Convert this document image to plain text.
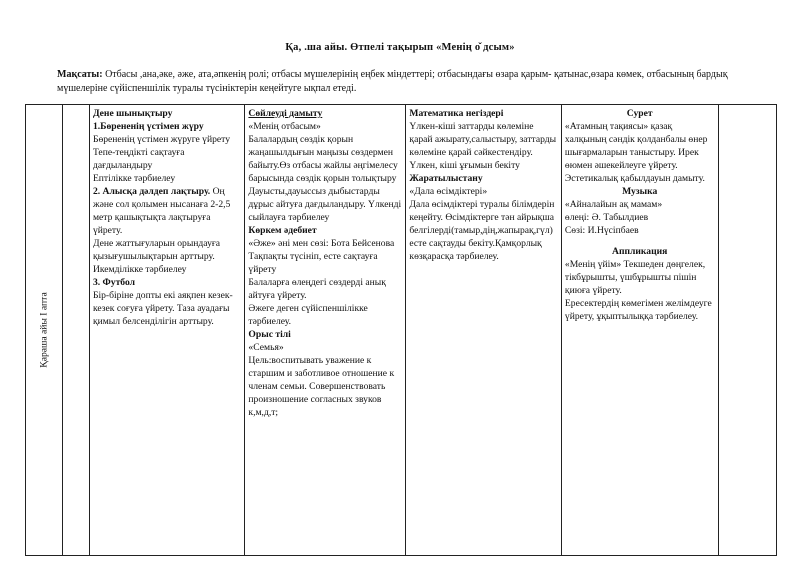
Қа, .ша айы. Өтпелі тақырып «Менің о̌ дсым»
Мақсаты: Отбасы ,ана,әке, әже, ата,әпкенің ролі; отбасы мүшелерінің еңбек міндеттері; отбасындағы өзара қарым- қатынас,өзара көмек, отбасының бардық мүшелеріне сүйіспеншілік туралы түсініктерін кеңейтуге ықпал етеді.
Қараша айы І апта

Дене шынықтыру
1.Бөрененің үстімен жүру
Бөрененің үстімен жүруге үйрету
Тепе-теңдікті сақтауға дағдыландыру
Ептілікке тәрбиелеу
2. Алысқа дәлдеп лақтыру. Оң және сол қолымен нысанаға 2-2,5 метр қашықтықта лақтыруға үйрету.
Дене жаттығуларын орындауға қызығушылықтарын арттыру. Икемділікке тәрбиелеу
3. Футбол
Бір-біріне допты екі аяқпен кезек-кезек соғуға үйрету. Таза ауадағы қимыл белсенділігін арттыру.

Сөйлеуді дамыту
«Менің отбасым»
Балалардың сөздік қорын жаңашылдығын маңызы сөздермен байыту.Өз отбасы жайлы әңгімелесу барысында сөздік қорын толықтыру
Дауысты,дауыссыз дыбыстарды дұрыс айтуға дағдыландыру. Үлкенді сыйлауға тәрбиелеу
Көркем әдебиет
«Әже» әні мен сөзі: Бота Бейсенова
Тақпақты түсініп, есте сақтауға үйрету
Балаларға өлеңдегі сөздерді анық айтуға үйрету.
Әжеге деген сүйіспеншілікке тәрбиелеу.
Орыс тілі
«Семья»
Цель:воспитывать уважение к старшим и заботливое отношение к членам семьи. Совершенствовать произношение согласных звуков к,м,д,т;

Математика негіздері
Үлкен-кіші заттарды көлеміне қарай ажырату,салыстыру, заттарды көлеміне қарай сәйкестендіру. Үлкен, кіші ұғымын бекіту
Жаратылыстану
«Дала өсімдіктері»
Дала өсімдіктері туралы білімдерін кеңейту. Өсімдіктерге тән айрықша белгілерді(тамыр,дің,жапырақ,гүл) есте сақтауды бекіту.Қамқорлық көзқарасқа тәрбиелеу.

Сурет
«Атамның тақиясы» қазақ халқының сәндік қолданбалы өнер шығармаларын таныстыру. Ирек өюмен әшекейлеуге үйрету.
Эстетикалық қабылдауын дамыту.
Музыка
«Айналайын ақ мамам»
өлеңі: Ә. Табылдиев
Сөзі: И.Нүсіпбаев
Аппликация
«Менің үйім» Текшеден дөңгелек, тікбұрышты, үшбұрышты пішін қиюға үйрету.
Ересектердің көмегімен желімдеуге үйрету, ұқыптылыққа тәрбиелеу.
